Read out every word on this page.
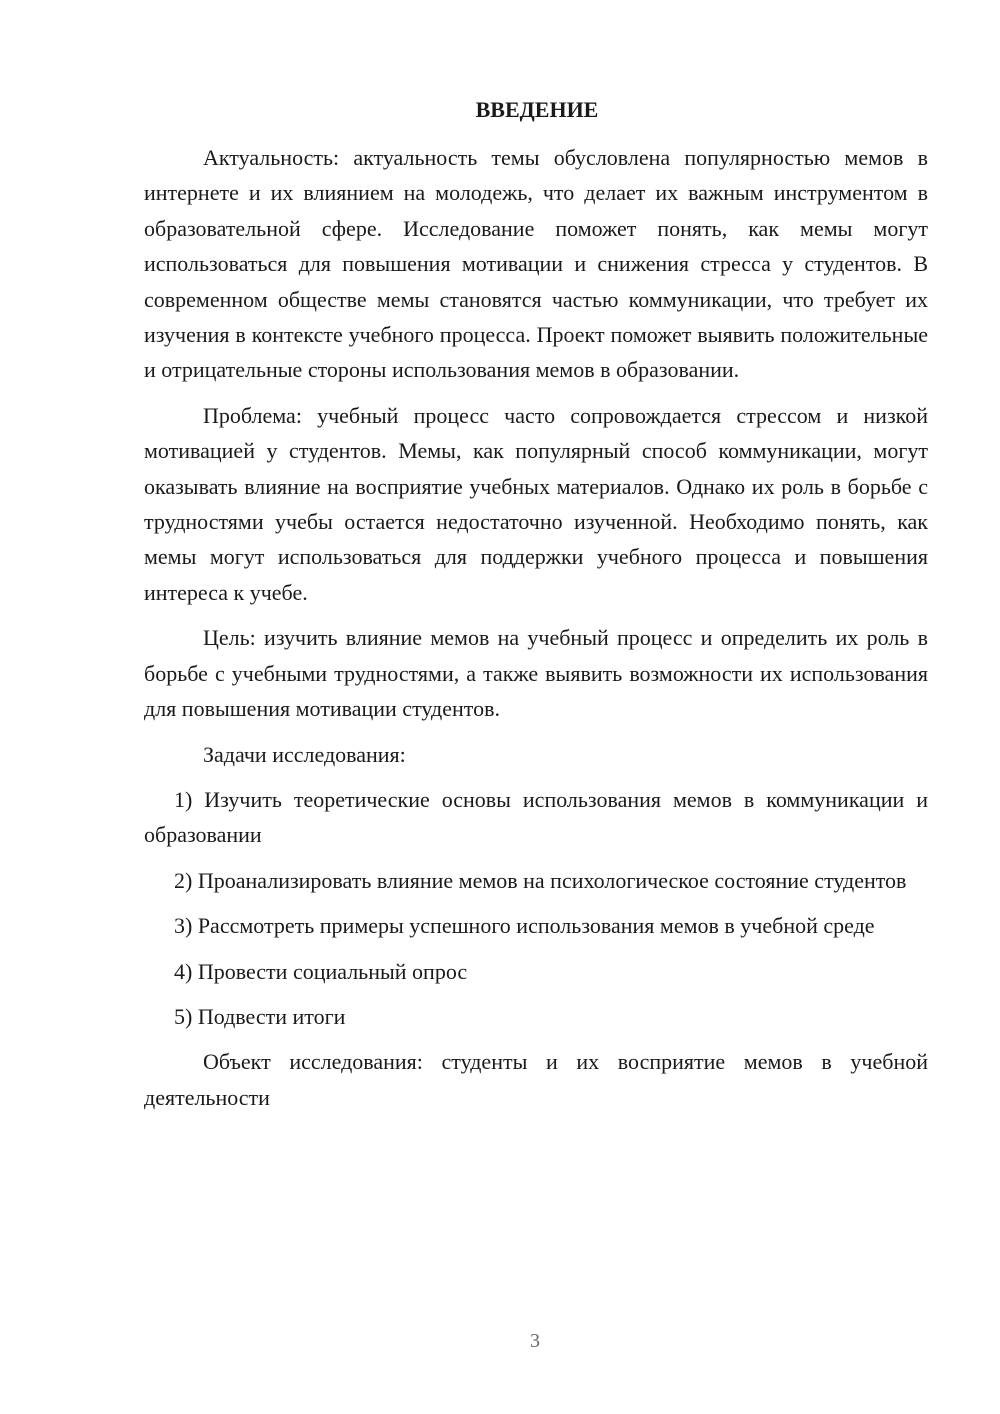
ВВЕДЕНИЕ

Актуальность: актуальность темы обусловлена популярностью мемов в интернете и их влиянием на молодежь, что делает их важным инструментом в образовательной сфере. Исследование поможет понять, как мемы могут использоваться для повышения мотивации и снижения стресса у студентов. В современном обществе мемы становятся частью коммуникации, что требует их изучения в контексте учебного процесса. Проект поможет выявить положительные и отрицательные стороны использования мемов в образовании.

Проблема: учебный процесс часто сопровождается стрессом и низкой мотивацией у студентов. Мемы, как популярный способ коммуникации, могут оказывать влияние на восприятие учебных материалов. Однако их роль в борьбе с трудностями учебы остается недостаточно изученной. Необходимо понять, как мемы могут использоваться для поддержки учебного процесса и повышения интереса к учебе.

Цель: изучить влияние мемов на учебный процесс и определить их роль в борьбе с учебными трудностями, а также выявить возможности их использования для повышения мотивации студентов.

Задачи исследования:

1) Изучить теоретические основы использования мемов в коммуникации и образовании

2) Проанализировать влияние мемов на психологическое состояние студентов

3) Рассмотреть примеры успешного использования мемов в учебной среде

4) Провести социальный опрос

5) Подвести итоги

Объект исследования: студенты и их восприятие мемов в учебной деятельности

3
